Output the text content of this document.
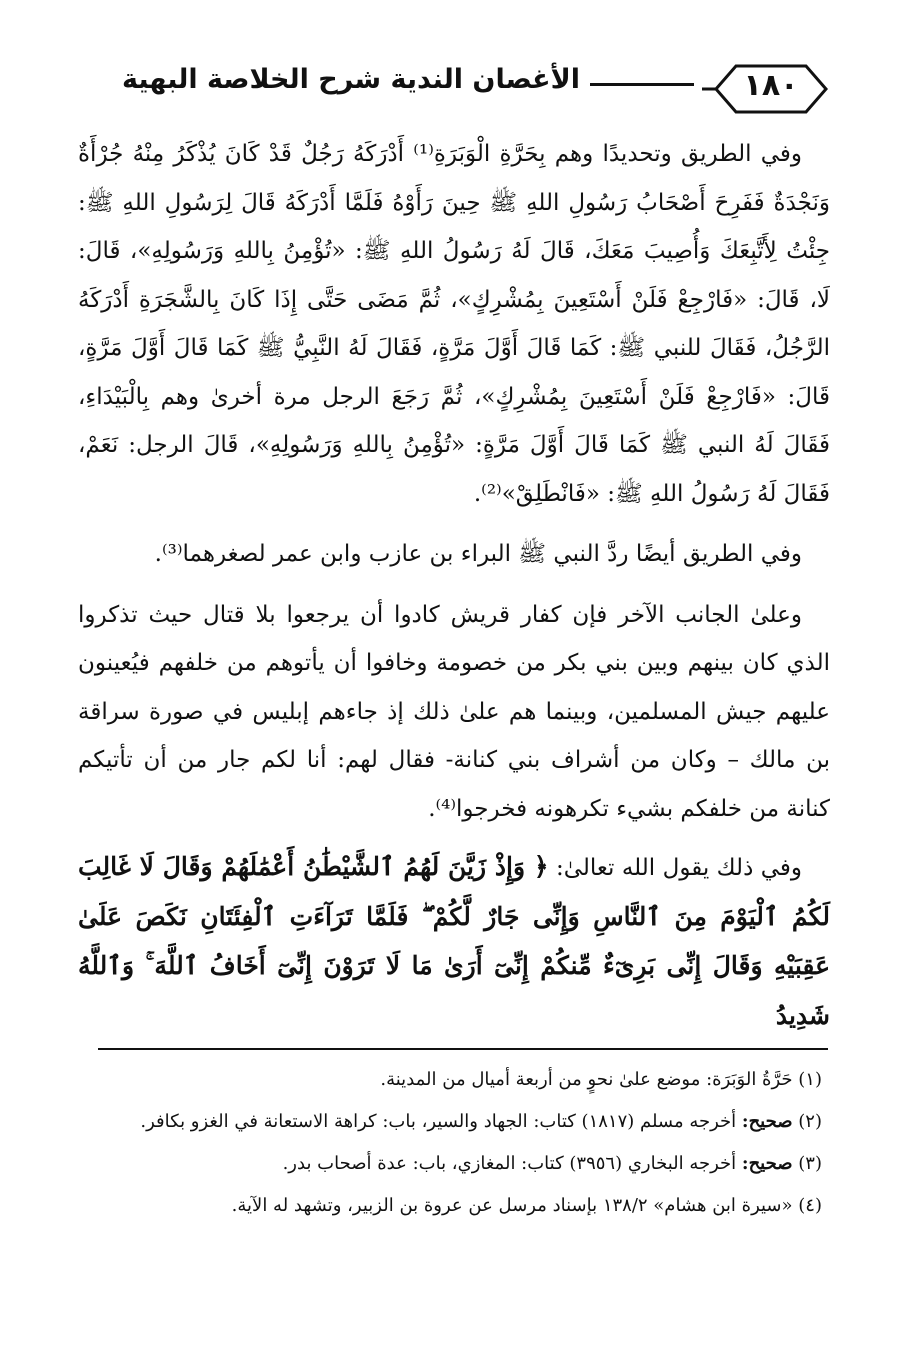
الأغصان الندية شرح الخلاصة البهية	١٨٠

وفي الطريق وتحديدًا وهم بِحَرَّةِ الْوَبَرَةِ⁽¹⁾ أَدْرَكَهُ رَجُلٌ قَدْ كَانَ يُذْكَرُ مِنْهُ جُرْأَةٌ وَنَجْدَةٌ فَفَرِحَ أَصْحَابُ رَسُولِ اللهِ ﷺ حِينَ رَأَوْهُ فَلَمَّا أَدْرَكَهُ قَالَ لِرَسُولِ اللهِ ﷺ: جِئْتُ لِأَتَّبِعَكَ وَأُصِيبَ مَعَكَ، قَالَ لَهُ رَسُولُ اللهِ ﷺ: «تُؤْمِنُ بِاللهِ وَرَسُولِهِ»، قَالَ: لَا، قَالَ: «فَارْجِعْ فَلَنْ أَسْتَعِينَ بِمُشْرِكٍ»، ثُمَّ مَضَى حَتَّى إِذَا كَانَ بِالشَّجَرَةِ أَدْرَكَهُ الرَّجُلُ، فَقَالَ للنبي ﷺ: كَمَا قَالَ أَوَّلَ مَرَّةٍ، فَقَالَ لَهُ النَّبِيُّ ﷺ كَمَا قَالَ أَوَّلَ مَرَّةٍ، قَالَ: «فَارْجِعْ فَلَنْ أَسْتَعِينَ بِمُشْرِكٍ»، ثُمَّ رَجَعَ الرجل مرة أخرىٰ وهم بِالْبَيْدَاءِ، فَقَالَ لَهُ النبي ﷺ كَمَا قَالَ أَوَّلَ مَرَّةٍ: «تُؤْمِنُ بِاللهِ وَرَسُولِهِ»، قَالَ الرجل: نَعَمْ، فَقَالَ لَهُ رَسُولُ اللهِ ﷺ: «فَانْطَلِقْ»⁽²⁾.

وفي الطريق أيضًا ردَّ النبي ﷺ البراء بن عازب وابن عمر لصغرهما⁽³⁾.

وعلىٰ الجانب الآخر فإن كفار قريش كادوا أن يرجعوا بلا قتال حيث تذكروا الذي كان بينهم وبين بني بكر من خصومة وخافوا أن يأتوهم من خلفهم فيُعينون عليهم جيش المسلمين، وبينما هم علىٰ ذلك إذ جاءهم إبليس في صورة سراقة بن مالك – وكان من أشراف بني كنانة- فقال لهم: أنا لكم جار من أن تأتيكم كنانة من خلفكم بشيء تكرهونه فخرجوا⁽⁴⁾.

وفي ذلك يقول الله تعالىٰ: ﴿ وَإِذْ زَيَّنَ لَهُمُ ٱلشَّيْطَٰنُ أَعْمَٰلَهُمْ وَقَالَ لَا غَالِبَ لَكُمُ ٱلْيَوْمَ مِنَ ٱلنَّاسِ وَإِنِّى جَارٌ لَّكُمْ ۖ فَلَمَّا تَرَآءَتِ ٱلْفِئَتَانِ نَكَصَ عَلَىٰ عَقِبَيْهِ وَقَالَ إِنِّى بَرِىٓءٌ مِّنكُمْ إِنِّىٓ أَرَىٰ مَا لَا تَرَوْنَ إِنِّىٓ أَخَافُ ٱللَّهَ ۚ وَٱللَّهُ شَدِيدُ

(١) حَرَّةُ الوَبَرَة: موضع علىٰ نحوٍ من أربعة أميال من المدينة.

(٢) صحيح: أخرجه مسلم (١٨١٧) كتاب: الجهاد والسير، باب: كراهة الاستعانة في الغزو بكافر.

(٣) صحيح: أخرجه البخاري (٣٩٥٦) كتاب: المغازي، باب: عدة أصحاب بدر.

(٤) «سيرة ابن هشام» ١٣٨/٢ بإسناد مرسل عن عروة بن الزبير، وتشهد له الآية.
